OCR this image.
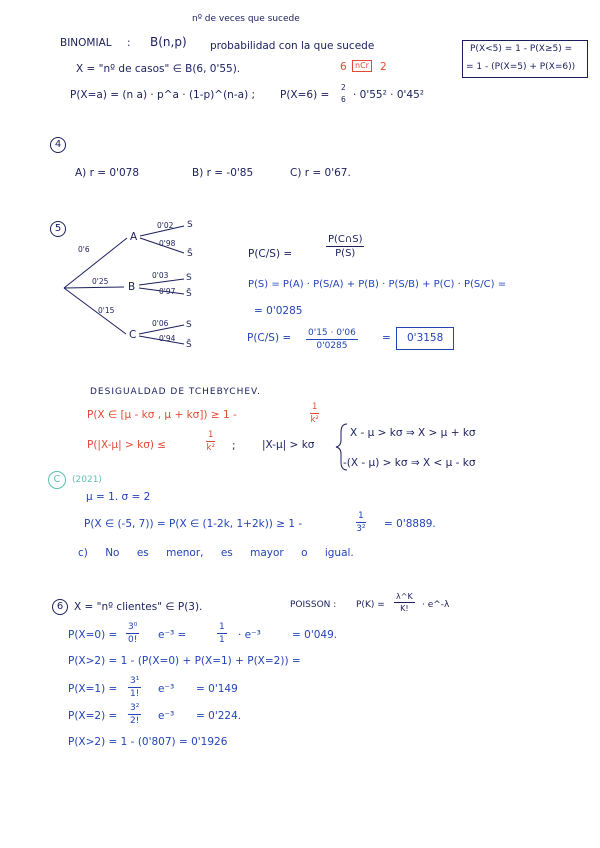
BINOMIAL : B(n,p)
nº de veces que sucede
probabilidad con la que sucede	P(X<5) = 1 - P(X≥5) =
= 1 - (P(X=5) + P(X=6))
X = "nº de casos" ∈ B(6, 0'55).	6	nCr 2
P(X=a) = (n a) · p^a · (1-p)^(n-a) ; P(X=6) =
2
6 · 0'55² · 0'45²
4
A) r = 0'078	B) r = -0'85	C) r = 0'67.
5
0'6
0'25
0'15
A
B
C
0'02
0'98
0'03
0'97
0'06
0'94
S
S̄
S
S̄
S
S̄
P(C/S) =	$\frac{P(C\cap S)}{P(S)}$
P(S) = P(A) · P(S/A) + P(B) · P(S/B) + P(C) · P(S/C) =
= 0'0285
$P(C/S) = \frac{0'15 \cdot 0'06}{0'0285}$ =	0'3158
DESIGUALDAD DE TCHEBYCHEV.
P(X ∈ [μ - kσ , μ + kσ]) ≥ 1 -	$\frac{1}{\text{k²}}$
P(|X-μ| > kσ) ≤	$\frac{1}{\text{k²}}$ ;	|X-μ| > kσ
X - μ > kσ ⇒ X > μ + kσ
-(X - μ) > kσ ⇒ X < μ - kσ
C	(2021)
μ = 1. σ = 2
P(X ∈ (-5, 7)) = P(X ∈ (1-2k, 1+2k)) ≥ 1 -	$\frac{1}{\text{3²}} = 0'8889$.
c) No es menor, es mayor o igual.
6	X = "nº clientes" ∈ P(3).	POISSON : $P(K) = \frac{\lambda\^{}K}{K!}$ · e^-λ
$P(X=0) = \frac{\text{3⁰}}{0!} e^{-3}$ =	$\frac{1}{1} \cdot e^{-3}$	= 0'049.
P(X>2) = 1 - (P(X=0) + P(X=1) + P(X=2)) =
$P(X=1) = \frac{\text{3¹}}{1!} e^{-3} = 0'149$
$P(X=2) = \frac{\text{3²}}{2!} e^{-3} = 0'224$.
P(X>2) = 1 - (0'807) = 0'1926
